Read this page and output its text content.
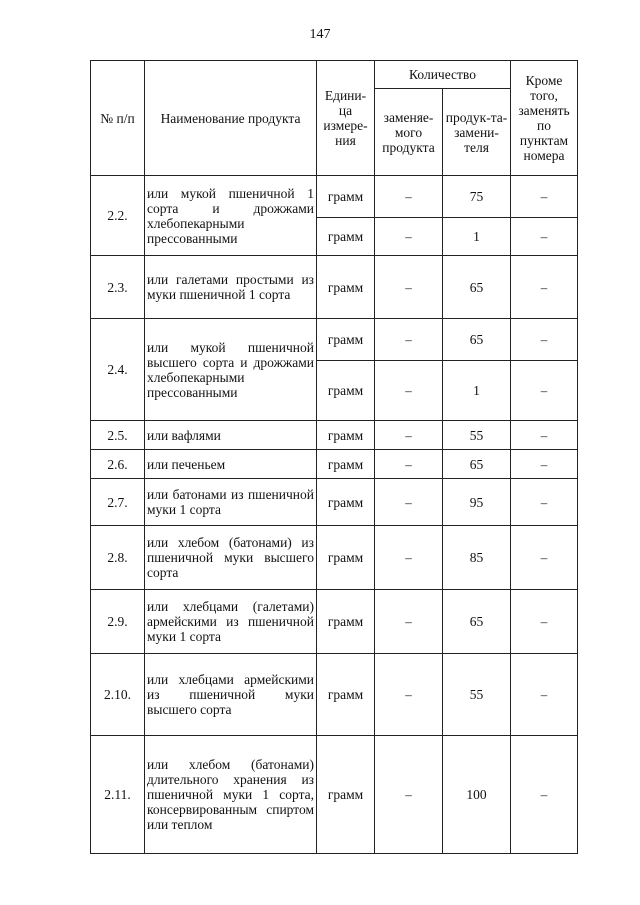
147
№ п/п	Наименование продукта	Едини-ца измере-ния	Количество		Кроме того, заменять по пунктам номера
			заменяе-мого продукта	продук-та-замени-теля	
2.2.	или мукой пшеничной 1 сорта и дрожжами хлебопекарными прессованными	грамм	–	75	–
		грамм	–	1	–
2.3.	или галетами простыми из муки пшеничной 1 сорта	грамм	–	65	–
2.4.	или мукой пшеничной высшего сорта и дрожжами хлебопекарными прессованными	грамм	–	65	–
		грамм	–	1	–
2.5.	или вафлями	грамм	–	55	–
2.6.	или печеньем	грамм	–	65	–
2.7.	или батонами из пшеничной муки 1 сорта	грамм	–	95	–
2.8.	или хлебом (батонами) из пшеничной муки высшего сорта	грамм	–	85	–
2.9.	или хлебцами (галетами) армейскими из пшеничной муки 1 сорта	грамм	–	65	–
2.10.	или хлебцами армейскими из пшеничной муки высшего сорта	грамм	–	55	–
2.11.	или хлебом (батонами) длительного хранения из пшеничной муки 1 сорта, консервированным спиртом или теплом	грамм	–	100	–
